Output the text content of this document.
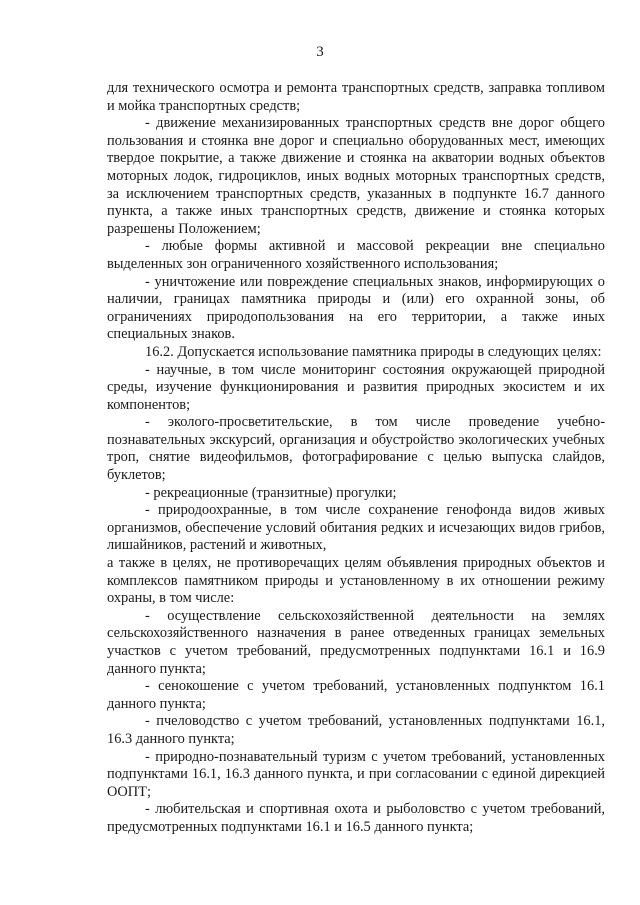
3

для технического осмотра и ремонта транспортных средств, заправка топливом и мойка транспортных средств;

- движение механизированных транспортных средств вне дорог общего пользования и стоянка вне дорог и специально оборудованных мест, имеющих твердое покрытие, а также движение и стоянка на акватории водных объектов моторных лодок, гидроциклов, иных водных моторных транспортных средств, за исключением транспортных средств, указанных в подпункте 16.7 данного пункта, а также иных транспортных средств, движение и стоянка которых разрешены Положением;

- любые формы активной и массовой рекреации вне специально выделенных зон ограниченного хозяйственного использования;

- уничтожение или повреждение специальных знаков, информирующих о наличии, границах памятника природы и (или) его охранной зоны, об ограничениях природопользования на его территории, а также иных специальных знаков.

16.2. Допускается использование памятника природы в следующих целях:

- научные, в том числе мониторинг состояния окружающей природной среды, изучение функционирования и развития природных экосистем и их компонентов;

- эколого-просветительские, в том числе проведение учебно-познавательных экскурсий, организация и обустройство экологических учебных троп, снятие видеофильмов, фотографирование с целью выпуска слайдов, буклетов;

- рекреационные (транзитные) прогулки;

- природоохранные, в том числе сохранение генофонда видов живых организмов, обеспечение условий обитания редких и исчезающих видов грибов, лишайников, растений и животных,

а также в целях, не противоречащих целям объявления природных объектов и комплексов памятником природы и установленному в их отношении режиму охраны, в том числе:

- осуществление сельскохозяйственной деятельности на землях сельскохозяйственного назначения в ранее отведенных границах земельных участков с учетом требований, предусмотренных подпунктами 16.1 и 16.9 данного пункта;

- сенокошение с учетом требований, установленных подпунктом 16.1 данного пункта;

- пчеловодство с учетом требований, установленных подпунктами 16.1, 16.3 данного пункта;

- природно-познавательный туризм с учетом требований, установленных подпунктами 16.1, 16.3 данного пункта, и при согласовании с единой дирекцией ООПТ;

- любительская и спортивная охота и рыболовство с учетом требований, предусмотренных подпунктами 16.1 и 16.5 данного пункта;
